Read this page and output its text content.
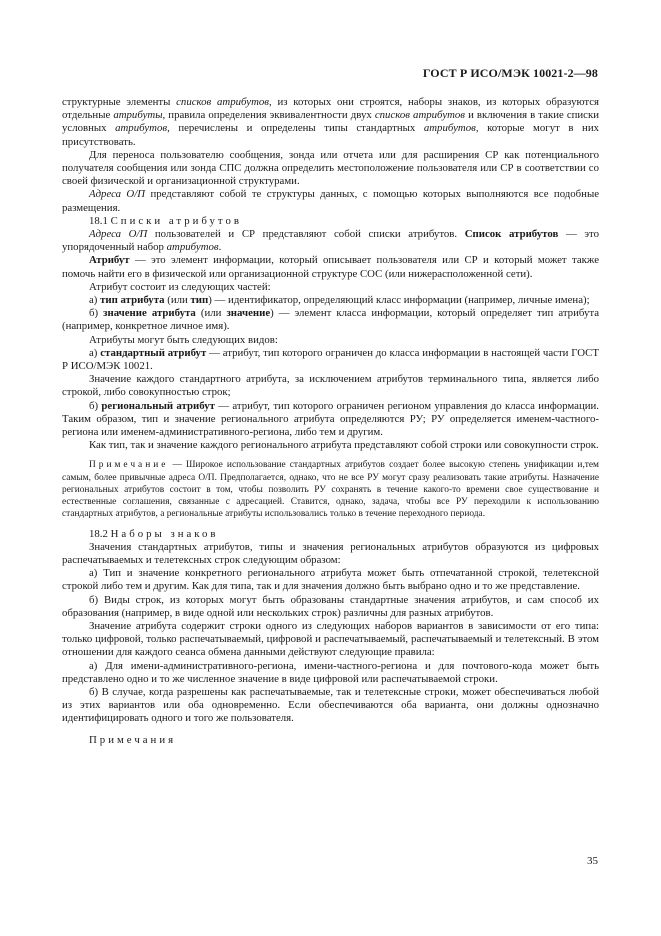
ГОСТ Р ИСО/МЭК 10021-2—98

структурные элементы списков атрибутов, из которых они строятся, наборы знаков, из которых образуются отдельные атрибуты, правила определения эквивалентности двух списков атрибутов и включения в такие списки условных атрибутов, перечислены и определены типы стандартных атрибутов, которые могут в них присутствовать.

Для переноса пользователю сообщения, зонда или отчета или для расширения СР как потенциального получателя сообщения или зонда СПС должна определить местоположение пользователя или СР в соответствии со своей физической и организационной структурами.

Адреса О/П представляют собой те структуры данных, с помощью которых выполняются все подобные размещения.

18.1 Списки атрибутов

Адреса О/П пользователей и СР представляют собой списки атрибутов. Список атрибутов — это упорядоченный набор атрибутов.

Атрибут — это элемент информации, который описывает пользователя или СР и который может также помочь найти его в физической или организационной структуре СОС (или нижерасположенной сети).

Атрибут состоит из следующих частей:

а) тип атрибута (или тип) — идентификатор, определяющий класс информации (например, личные имена);

б) значение атрибута (или значение) — элемент класса информации, который определяет тип атрибута (например, конкретное личное имя).

Атрибуты могут быть следующих видов:

а) стандартный атрибут — атрибут, тип которого ограничен до класса информации в настоящей части ГОСТ Р ИСО/МЭК 10021.

Значение каждого стандартного атрибута, за исключением атрибутов терминального типа, является либо строкой, либо совокупностью строк;

б) региональный атрибут — атрибут, тип которого ограничен регионом управления до класса информации. Таким образом, тип и значение регионального атрибута определяются РУ; РУ определяется именем-частного-региона или именем-административного-региона, либо тем и другим.

Как тип, так и значение каждого регионального атрибута представляют собой строки или совокупности строк.

Примечание — Широкое использование стандартных атрибутов создает более высокую степень унификации и,тем самым, более привычные адреса О/П. Предполагается, однако, что не все РУ могут сразу реализовать такие атрибуты. Назначение региональных атрибутов состоит в том, чтобы позволить РУ сохранять в течение какого-то времени свое существование и естественные соглашения, связанные с адресацией. Ставится, однако, задача, чтобы все РУ переходили к использованию стандартных атрибутов, а региональные атрибуты использовались только в течение переходного периода.

18.2 Наборы знаков

Значения стандартных атрибутов, типы и значения региональных атрибутов образуются из цифровых распечатываемых и телетексных строк следующим образом:

а) Тип и значение конкретного регионального атрибута может быть отпечатанной строкой, телетексной строкой либо тем и другим. Как для типа, так и для значения должно быть выбрано одно и то же представление.

б) Виды строк, из которых могут быть образованы стандартные значения атрибутов, и сам способ их образования (например, в виде одной или нескольких строк) различны для разных атрибутов.

Значение атрибута содержит строки одного из следующих наборов вариантов в зависимости от его типа: только цифровой, только распечатываемый, цифровой и распечатываемый, распечатываемый и телетексный. В этом отношении для каждого сеанса обмена данными действуют следующие правила:

а) Для имени-административного-региона, имени-частного-региона и для почтового-кода может быть представлено одно и то же численное значение в виде цифровой или распечатываемой строки.

б) В случае, когда разрешены как распечатываемые, так и телетексные строки, может обеспечиваться любой из этих вариантов или оба одновременно. Если обеспечиваются оба варианта, они должны однозначно идентифицировать одного и того же пользователя.

Примечания

35
